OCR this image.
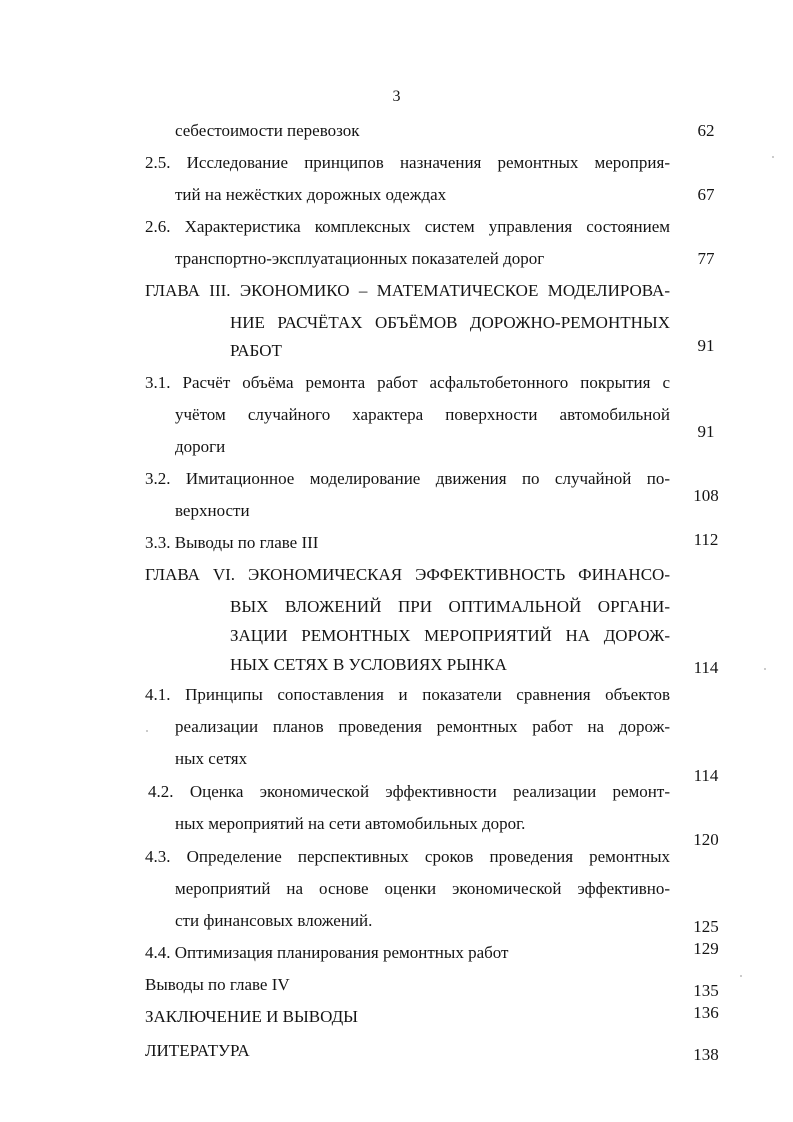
3
себестоимости перевозок
2.5. Исследование принципов назначения ремонтных мероприя-
тий на нежёстких дорожных одеждах
2.6. Характеристика комплексных систем управления состоянием
транспортно-эксплуатационных показателей дорог
ГЛАВА III. ЭКОНОМИКО – МАТЕМАТИЧЕСКОЕ МОДЕЛИРОВА-
НИЕ РАСЧЁТАХ ОБЪЁМОВ ДОРОЖНО-РЕМОНТНЫХ
РАБОТ
3.1. Расчёт объёма ремонта работ асфальтобетонного покрытия с
учётом случайного характера поверхности автомобильной
дороги
3.2. Имитационное моделирование движения по случайной по-
верхности
3.3. Выводы по главе III
ГЛАВА VI. ЭКОНОМИЧЕСКАЯ ЭФФЕКТИВНОСТЬ ФИНАНСО-
ВЫХ ВЛОЖЕНИЙ ПРИ ОПТИМАЛЬНОЙ ОРГАНИ-
ЗАЦИИ РЕМОНТНЫХ МЕРОПРИЯТИЙ НА ДОРОЖ-
НЫХ СЕТЯХ В УСЛОВИЯХ РЫНКА
4.1. Принципы сопоставления и показатели сравнения объектов
реализации планов проведения ремонтных работ на дорож-
ных сетях
4.2. Оценка экономической эффективности реализации ремонт-
ных мероприятий на сети автомобильных дорог.
4.3. Определение перспективных сроков проведения ремонтных
мероприятий на основе оценки экономической эффективно-
сти финансовых вложений.
4.4. Оптимизация планирования ремонтных работ
Выводы по главе IV
ЗАКЛЮЧЕНИЕ И ВЫВОДЫ
ЛИТЕРАТУРА
62
67
77
91
91
108
112
114
114
120
125
129
135
136
138
